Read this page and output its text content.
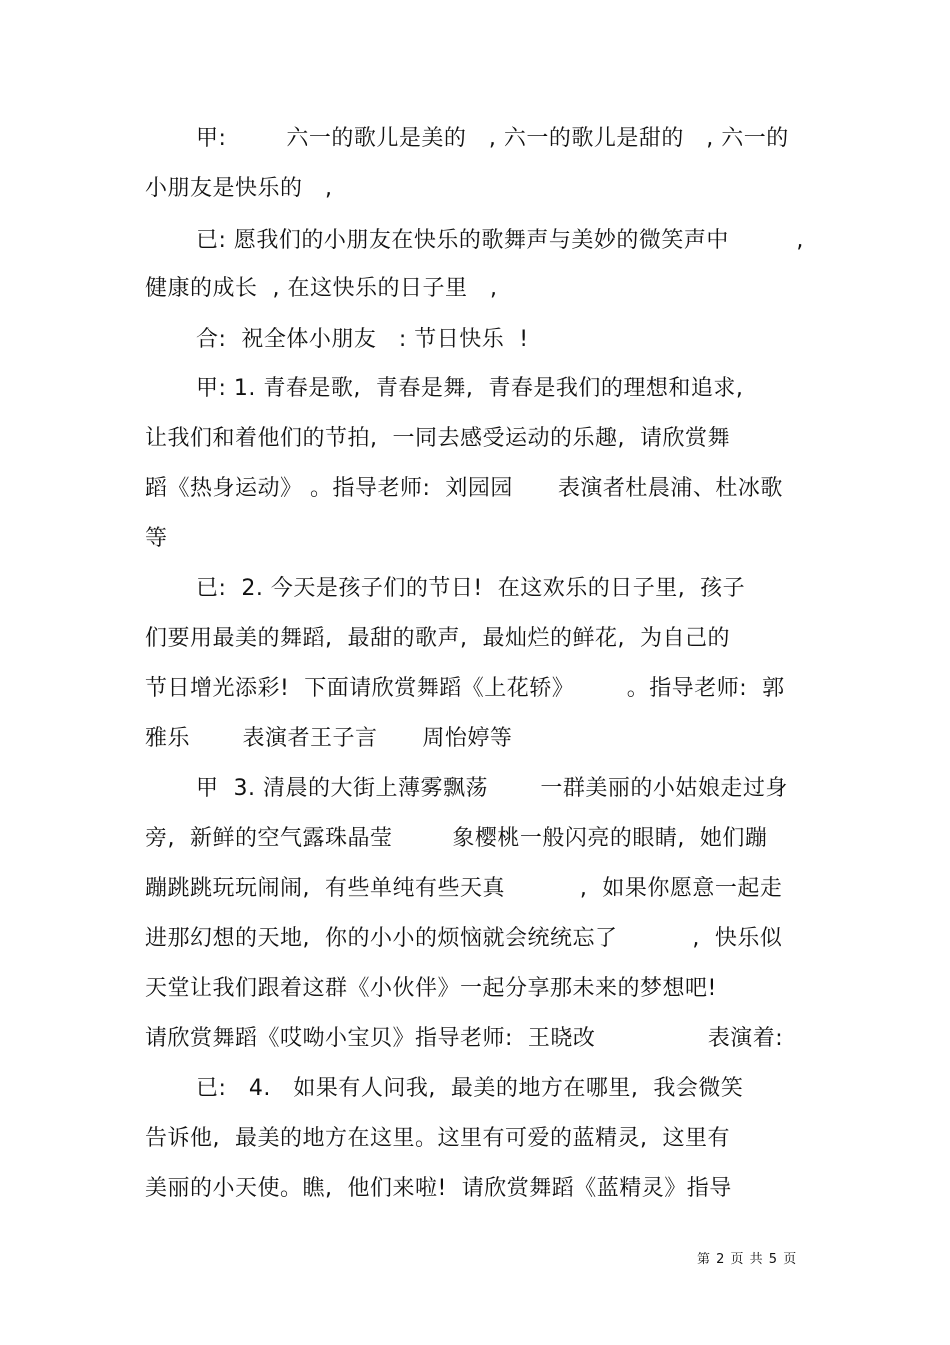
甲:        六一的歌儿是美的   , 六一的歌儿是甜的   , 六一的
小朋友是快乐的   ,
已: 愿我们的小朋友在快乐的歌舞声与美妙的微笑声中         ,
健康的成长  , 在这快乐的日子里   ,
合:  祝全体小朋友   : 节日快乐  !
甲: 1. 青春是歌,  青春是舞,  青春是我们的理想和追求,
让我们和着他们的节拍,  一同去感受运动的乐趣,  请欣赏舞
蹈《热身运动》 。指导老师:  刘园园      表演者杜晨浦、杜冰歌
等
已:  2. 今天是孩子们的节日!  在这欢乐的日子里,  孩子
们要用最美的舞蹈,  最甜的歌声,  最灿烂的鲜花,  为自己的
节日增光添彩!  下面请欣赏舞蹈《上花轿》       。指导老师:  郭
雅乐       表演者王子言      周怡婷等
甲  3. 清晨的大街上薄雾飘荡       一群美丽的小姑娘走过身
旁,  新鲜的空气露珠晶莹        象樱桃一般闪亮的眼睛,  她们蹦
蹦跳跳玩玩闹闹,  有些单纯有些天真          ,  如果你愿意一起走
进那幻想的天地,  你的小小的烦恼就会统统忘了          ,  快乐似
天堂让我们跟着这群《小伙伴》一起分享那未来的梦想吧!
请欣赏舞蹈《哎呦小宝贝》指导老师:  王晓改               表演着:
已:   4.   如果有人问我,  最美的地方在哪里,  我会微笑
告诉他,  最美的地方在这里。这里有可爱的蓝精灵,  这里有
美丽的小天使。瞧,  他们来啦!  请欣赏舞蹈《蓝精灵》指导
第 2 页 共 5 页
